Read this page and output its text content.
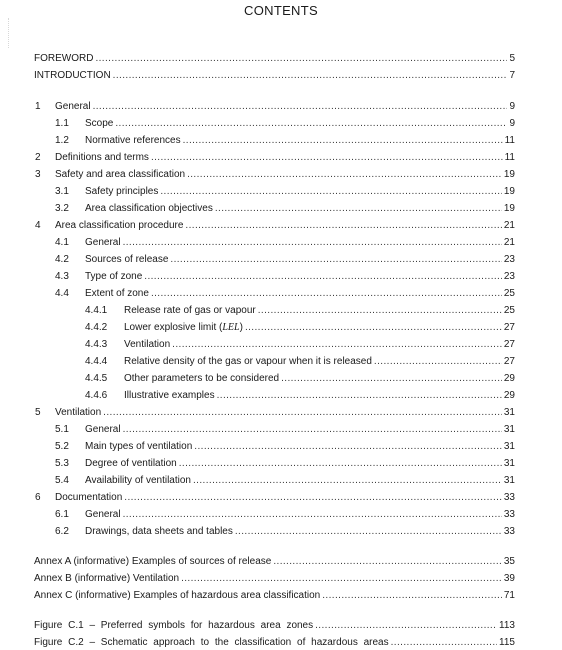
CONTENTS
FOREWORD .....	5
INTRODUCTION .....	7
1 General .....	9
1.1 Scope .....	9
1.2 Normative references .....	11
2 Definitions and terms .....	11
3 Safety and area classification .....	19
3.1 Safety principles .....	19
3.2 Area classification objectives .....	19
4 Area classification procedure .....	21
4.1 General .....	21
4.2 Sources of release .....	23
4.3 Type of zone .....	23
4.4 Extent of zone .....	25
4.4.1 Release rate of gas or vapour .....	25
4.4.2 Lower explosive limit (LEL) .....	27
4.4.3 Ventilation .....	27
4.4.4 Relative density of the gas or vapour when it is released .....	27
4.4.5 Other parameters to be considered .....	29
4.4.6 Illustrative examples .....	29
5 Ventilation .....	31
5.1 General .....	31
5.2 Main types of ventilation .....	31
5.3 Degree of ventilation .....	31
5.4 Availability of ventilation .....	31
6 Documentation .....	33
6.1 General .....	33
6.2 Drawings, data sheets and tables .....	33
Annex A (informative) Examples of sources of release .....	35
Annex B (informative) Ventilation .....	39
Annex C (informative) Examples of hazardous area classification .....	71
Figure C.1 – Preferred symbols for hazardous area zones .....	113
Figure C.2 – Schematic approach to the classification of hazardous areas .....	115
